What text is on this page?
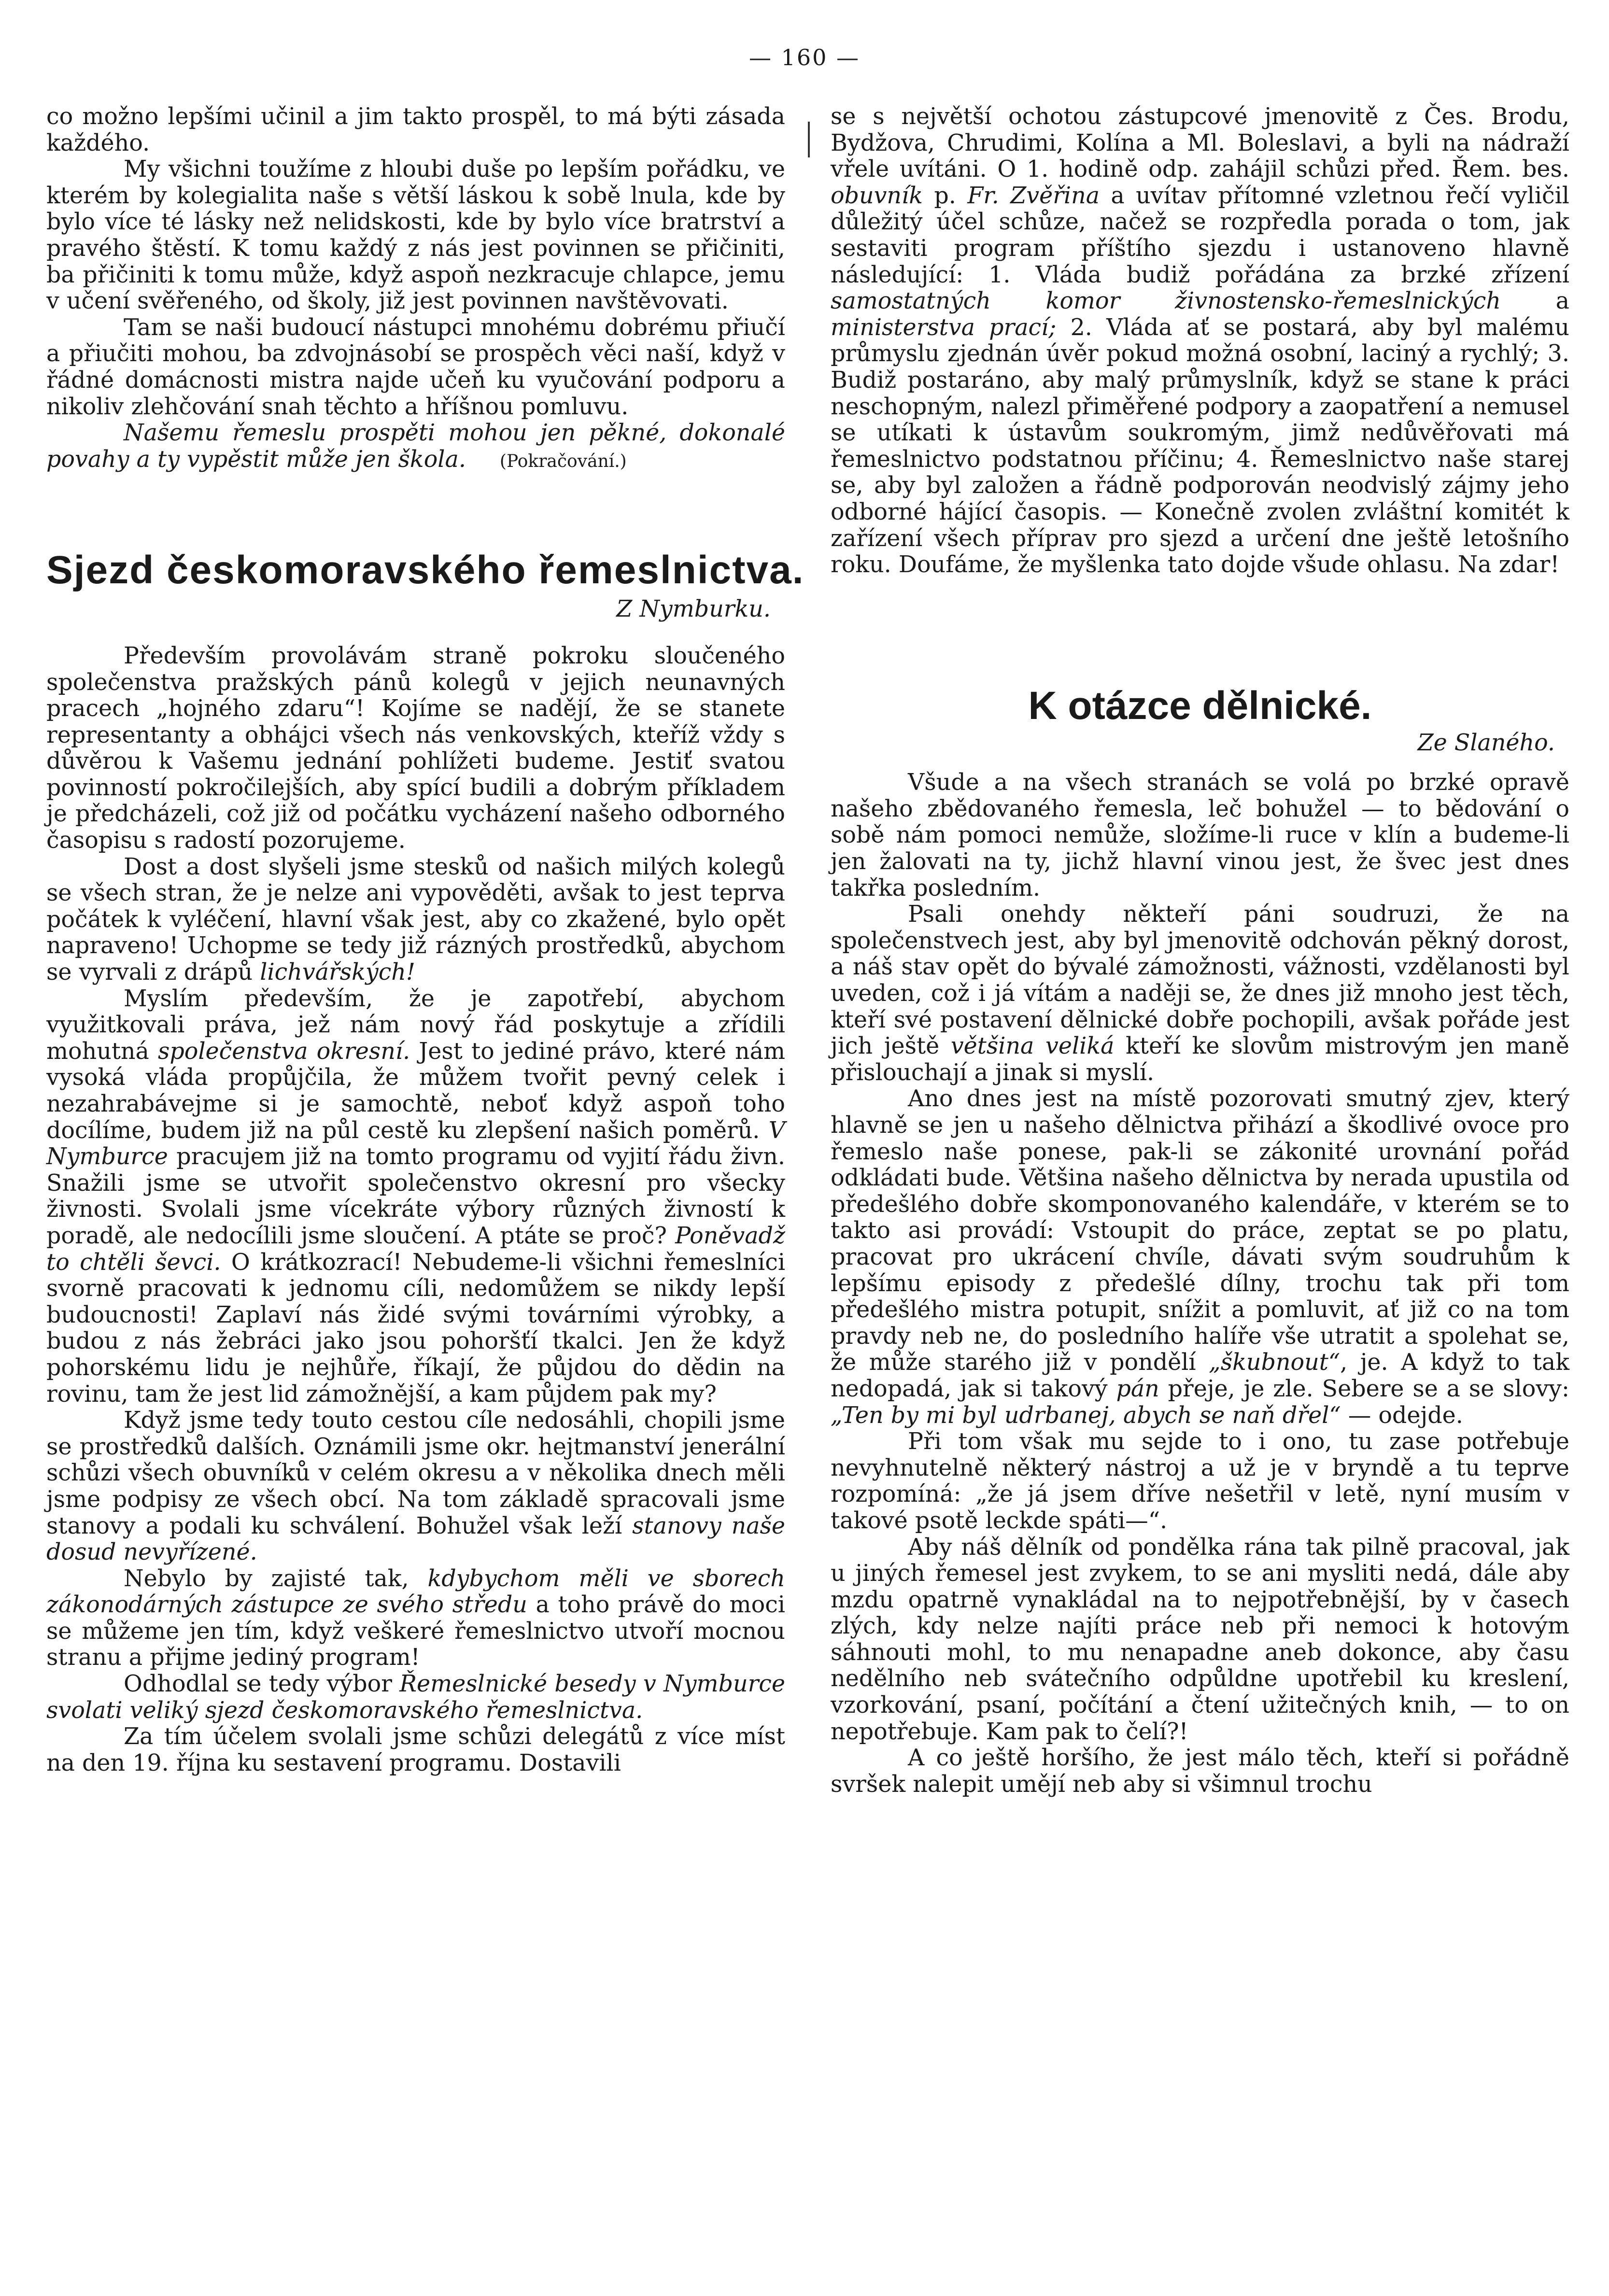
— 160 —

co možno lepšími učinil a jim takto prospěl, to má býti zásada každého.

My všichni toužíme z hloubi duše po lepším pořádku, ve kterém by kolegialita naše s větší láskou k sobě lnula, kde by bylo více té lásky než nelidskosti, kde by bylo více bratrství a pravého štěstí. K tomu každý z nás jest povinnen se přičiniti, ba přičiniti k tomu může, když aspoň nezkracuje chlapce, jemu v učení svěřeného, od školy, již jest povinnen navštěvovati.

Tam se naši budoucí nástupci mnohému dobrému přiučí a přiučiti mohou, ba zdvojnásobí se prospěch věci naší, když v řádné domácnosti mistra najde učeň ku vyučování podporu a nikoliv zlehčování snah těchto a hříšnou pomluvu.

Našemu řemeslu prospěti mohou jen pěkné, dokonalé povahy a ty vypěstit může jen škola. (Pokračování.)

Sjezd českomoravského řemeslnictva.

Z Nymburku.

Především provolávám straně pokroku sloučeného společenstva pražských pánů kolegů v jejich neunavných pracech „hojného zdaru“! Kojíme se nadějí, že se stanete representanty a obhájci všech nás venkovských, kteříž vždy s důvěrou k Vašemu jednání pohlížeti budeme. Jestiť svatou povinností pokročilejších, aby spící budili a dobrým příkladem je předcházeli, což již od počátku vycházení našeho odborného časopisu s radostí pozorujeme.

Dost a dost slyšeli jsme stesků od našich milých kolegů se všech stran, že je nelze ani vypověděti, avšak to jest teprva počátek k vyléčení, hlavní však jest, aby co zkažené, bylo opět napraveno! Uchopme se tedy již rázných prostředků, abychom se vyrvali z drápů lichvářských!

Myslím především, že je zapotřebí, abychom využitkovali práva, jež nám nový řád poskytuje a zřídili mohutná společenstva okresní. Jest to jediné právo, které nám vysoká vláda propůjčila, že můžem tvořit pevný celek i nezahrabávejme si je samochtě, neboť když aspoň toho docílíme, budem již na půl cestě ku zlepšení našich poměrů. V Nymburce pracujem již na tomto programu od vyjití řádu živn. Snažili jsme se utvořit společenstvo okresní pro všecky živnosti. Svolali jsme vícekráte výbory různých živností k poradě, ale nedocílili jsme sloučení. A ptáte se proč? Poněvadž to chtěli ševci. O krátkozrací! Nebudeme-li všichni řemeslníci svorně pracovati k jednomu cíli, nedomůžem se nikdy lepší budoucnosti! Zaplaví nás židé svými továrními výrobky, a budou z nás žebráci jako jsou pohoršťí tkalci. Jen že když pohorskému lidu je nejhůře, říkají, že půjdou do dědin na rovinu, tam že jest lid zámožnější, a kam půjdem pak my?

Když jsme tedy touto cestou cíle nedosáhli, chopili jsme se prostředků dalších. Oznámili jsme okr. hejtmanství jenerální schůzi všech obuvníků v celém okresu a v několika dnech měli jsme podpisy ze všech obcí. Na tom základě spracovali jsme stanovy a podali ku schválení. Bohužel však leží stanovy naše dosud nevyřízené.

Nebylo by zajisté tak, kdybychom měli ve sborech zákonodárných zástupce ze svého středu a toho právě do moci se můžeme jen tím, když veškeré řemeslnictvo utvoří mocnou stranu a přijme jediný program!

Odhodlal se tedy výbor Řemeslnické besedy v Nymburce svolati veliký sjezd českomoravského řemeslnictva.

Za tím účelem svolali jsme schůzi delegátů z více míst na den 19. října ku sestavení programu. Dostavili

se s největší ochotou zástupcové jmenovitě z Čes. Brodu, Bydžova, Chrudimi, Kolína a Ml. Boleslavi, a byli na nádraží vřele uvítáni. O 1. hodině odp. zahájil schůzi před. Řem. bes. obuvník p. Fr. Zvěřina a uvítav přítomné vzletnou řečí vyličil důležitý účel schůze, načež se rozpředla porada o tom, jak sestaviti program příštího sjezdu i ustanoveno hlavně následující: 1. Vláda budiž pořádána za brzké zřízení samostatných komor živnostensko-řemeslnických a ministerstva prací; 2. Vláda ať se postará, aby byl malému průmyslu zjednán úvěr pokud možná osobní, laciný a rychlý; 3. Budiž postaráno, aby malý průmyslník, když se stane k práci neschopným, nalezl přiměřené podpory a zaopatření a nemusel se utíkati k ústavům soukromým, jimž nedůvěřovati má řemeslnictvo podstatnou příčinu; 4. Řemeslnictvo naše starej se, aby byl založen a řádně podporován neodvislý zájmy jeho odborné hájící časopis. — Konečně zvolen zvláštní komitét k zařízení všech příprav pro sjezd a určení dne ještě letošního roku. Doufáme, že myšlenka tato dojde všude ohlasu. Na zdar!

K otázce dělnické.

Ze Slaného.

Všude a na všech stranách se volá po brzké opravě našeho zbědovaného řemesla, leč bohužel — to bědování o sobě nám pomoci nemůže, složíme-li ruce v klín a budeme-li jen žalovati na ty, jichž hlavní vinou jest, že švec jest dnes takřka posledním.

Psali onehdy někteří páni soudruzi, že na společenstvech jest, aby byl jmenovitě odchován pěkný dorost, a náš stav opět do bývalé zámožnosti, vážnosti, vzdělanosti byl uveden, což i já vítám a naději se, že dnes již mnoho jest těch, kteří své postavení dělnické dobře pochopili, avšak pořáde jest jich ještě většina veliká kteří ke slovům mistrovým jen maně přislouchají a jinak si myslí.

Ano dnes jest na místě pozorovati smutný zjev, který hlavně se jen u našeho dělnictva přihází a škodlivé ovoce pro řemeslo naše ponese, pak-li se zákonité urovnání pořád odkládati bude. Většina našeho dělnictva by nerada upustila od předešlého dobře skomponovaného kalendáře, v kterém se to takto asi provádí: Vstoupit do práce, zeptat se po platu, pracovat pro ukrácení chvíle, dávati svým soudruhům k lepšímu episody z předešlé dílny, trochu tak při tom předešlého mistra potupit, snížit a pomluvit, ať již co na tom pravdy neb ne, do posledního halíře vše utratit a spolehat se, že může starého již v pondělí „škubnout“, je. A když to tak nedopadá, jak si takový pán přeje, je zle. Sebere se a se slovy: „Ten by mi byl udrbanej, abych se naň dřel“ — odejde.

Při tom však mu sejde to i ono, tu zase potřebuje nevyhnutelně některý nástroj a už je v bryndě a tu teprve rozpomíná: „že já jsem dříve nešetřil v letě, nyní musím v takové psotě leckde spáti—“.

Aby náš dělník od pondělka rána tak pilně pracoval, jak u jiných řemesel jest zvykem, to se ani mysliti nedá, dále aby mzdu opatrně vynakládal na to nejpotřebnější, by v časech zlých, kdy nelze najíti práce neb při nemoci k hotovým sáhnouti mohl, to mu nenapadne aneb dokonce, aby času nedělního neb svátečního odpůldne upotřebil ku kreslení, vzorkování, psaní, počítání a čtení užitečných knih, — to on nepotřebuje. Kam pak to čelí?!

A co ještě horšího, že jest málo těch, kteří si pořádně svršek nalepit umějí neb aby si všimnul trochu
